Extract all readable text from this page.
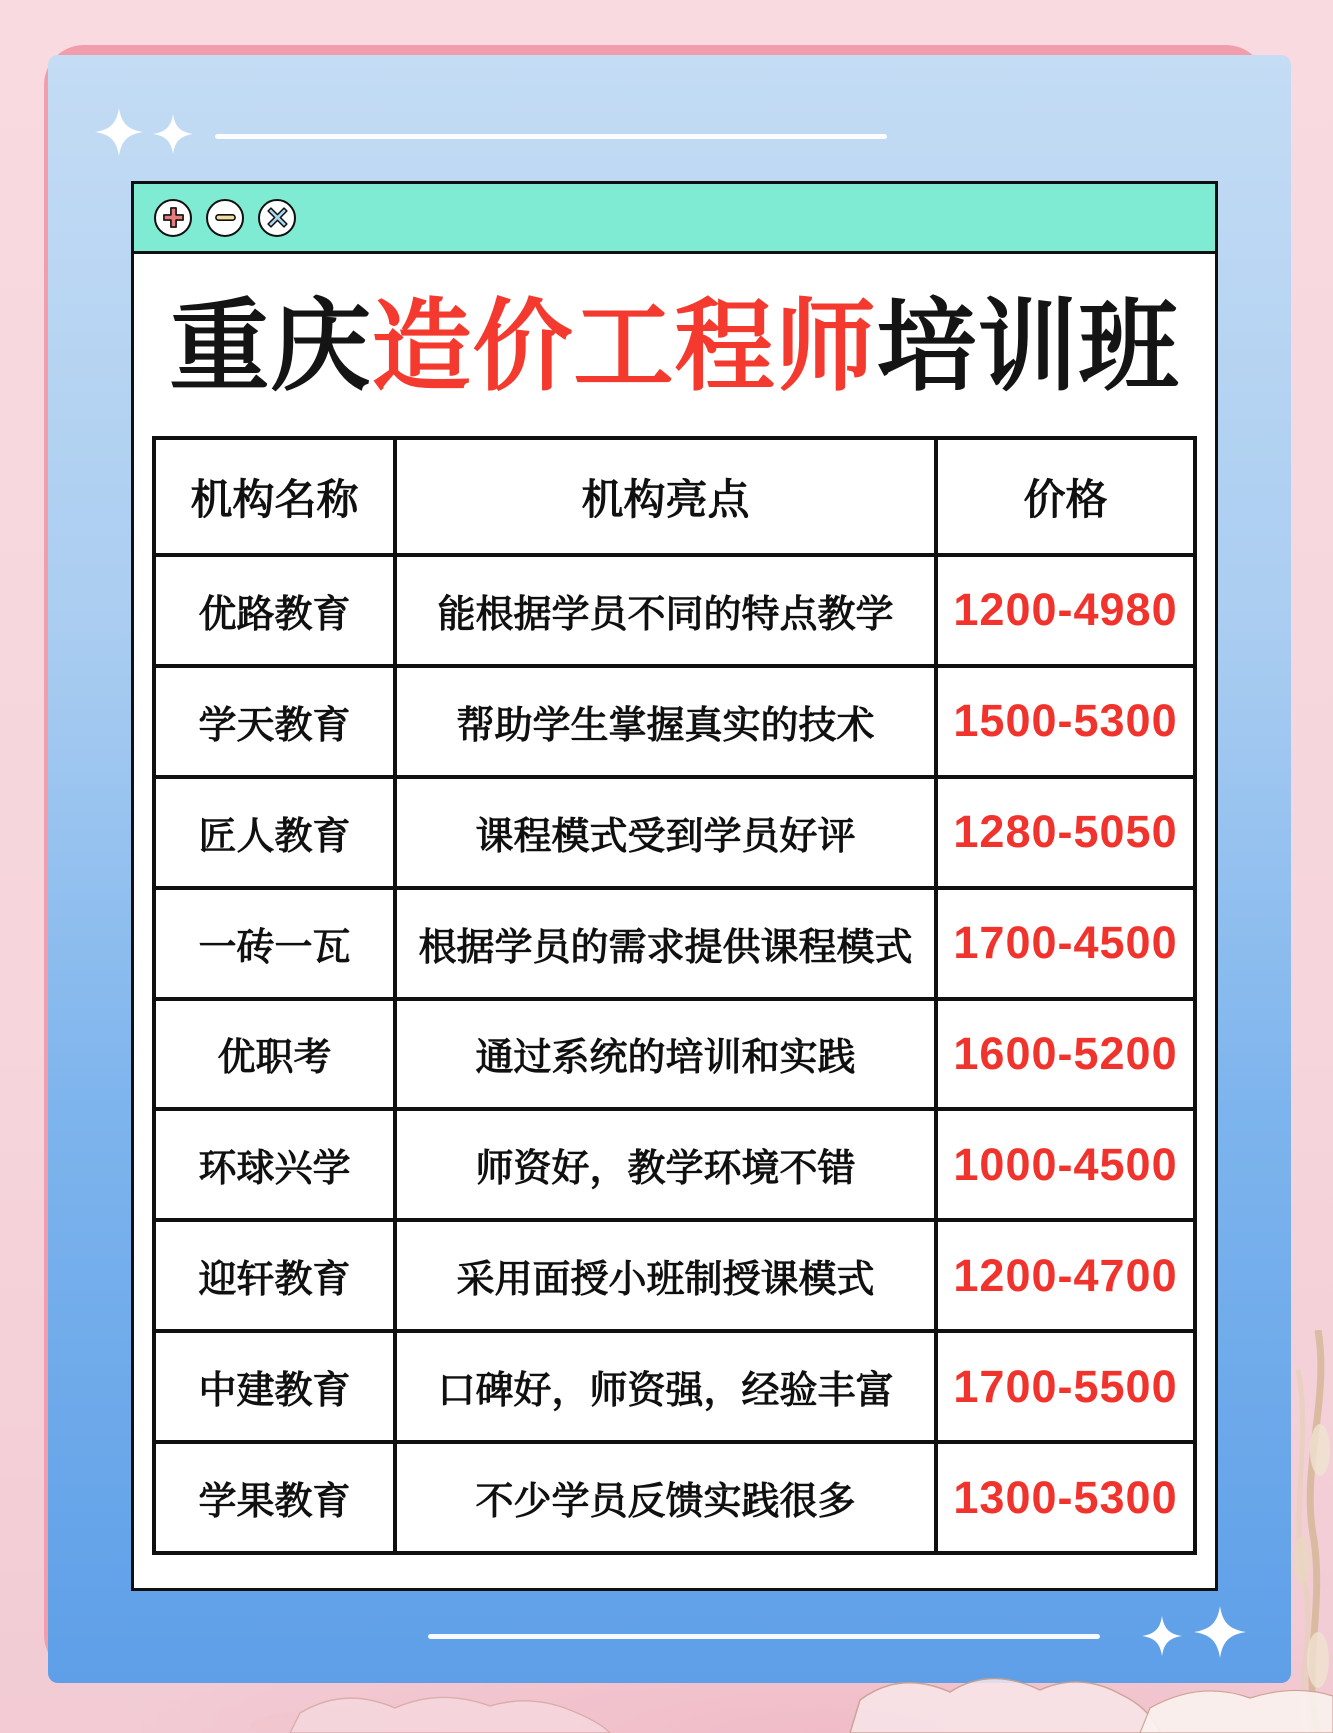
重庆 造价工程师 培训班
机构名称	机构亮点	价格
优路教育	能根据学员不同的特点教学	1200-4980
学天教育	帮助学生掌握真实的技术	1500-5300
匠人教育	课程模式受到学员好评	1280-5050
一砖一瓦	根据学员的需求提供课程模式 1700-4500
优职考	通过系统的培训和实践	1600-5200
环球兴学	师资好，教学环境不错	1000-4500
迎轩教育	采用面授小班制授课模式	1200-4700
中建教育	口碑好，师资强，经验丰富	1700-5500
学果教育	不少学员反馈实践很多	1300-5300
